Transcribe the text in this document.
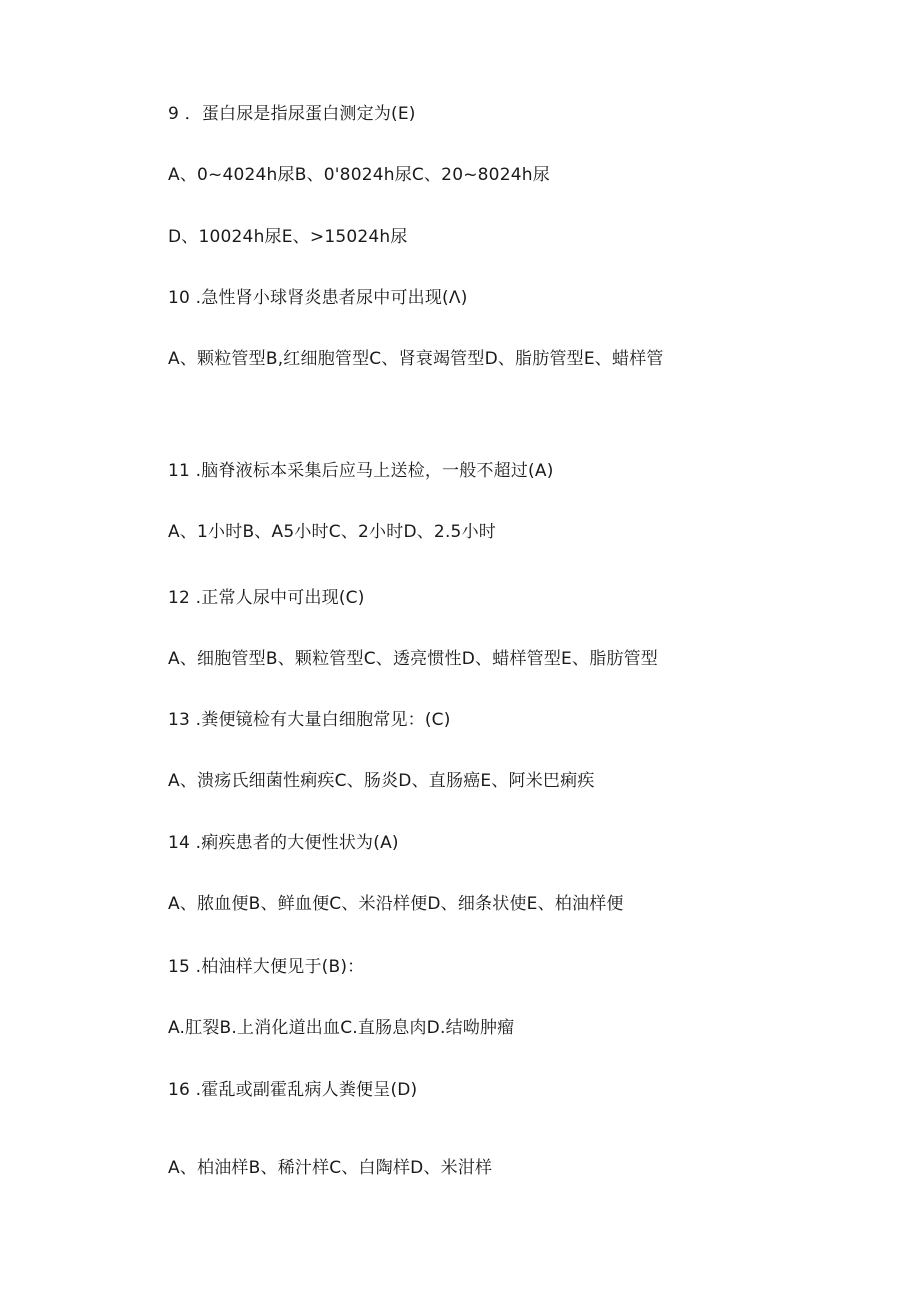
9 ．蛋白尿是指尿蛋白测定为(E)
A、0~4024h尿B、0'8024h尿C、20~8024h尿
D、10024h尿E、>15024h尿
10 .急性肾小球肾炎患者尿中可出现(Λ)
A、颗粒管型B,红细胞管型C、肾衰竭管型D、脂肪管型E、蜡样管
11 .脑脊液标本采集后应马上送检，一般不超过(A)
A、1小时B、A5小时C、2小时D、2.5小时
12 .正常人尿中可出现(C)
A、细胞管型B、颗粒管型C、透亮惯性D、蜡样管型E、脂肪管型
13 .粪便镜检有大量白细胞常见：(C)
A、溃疡氏细菌性痢疾C、肠炎D、直肠癌E、阿米巴痢疾
14 .痢疾患者的大便性状为(A)
A、脓血便B、鲜血便C、米沿样便D、细条状使E、柏油样便
15 .柏油样大便见于(B)：
A.肛裂B.上消化道出血C.直肠息肉D.结呦肿瘤
16 .霍乱或副霍乱病人粪便呈(D)
A、柏油样B、稀汁样C、白陶样D、米泔样
